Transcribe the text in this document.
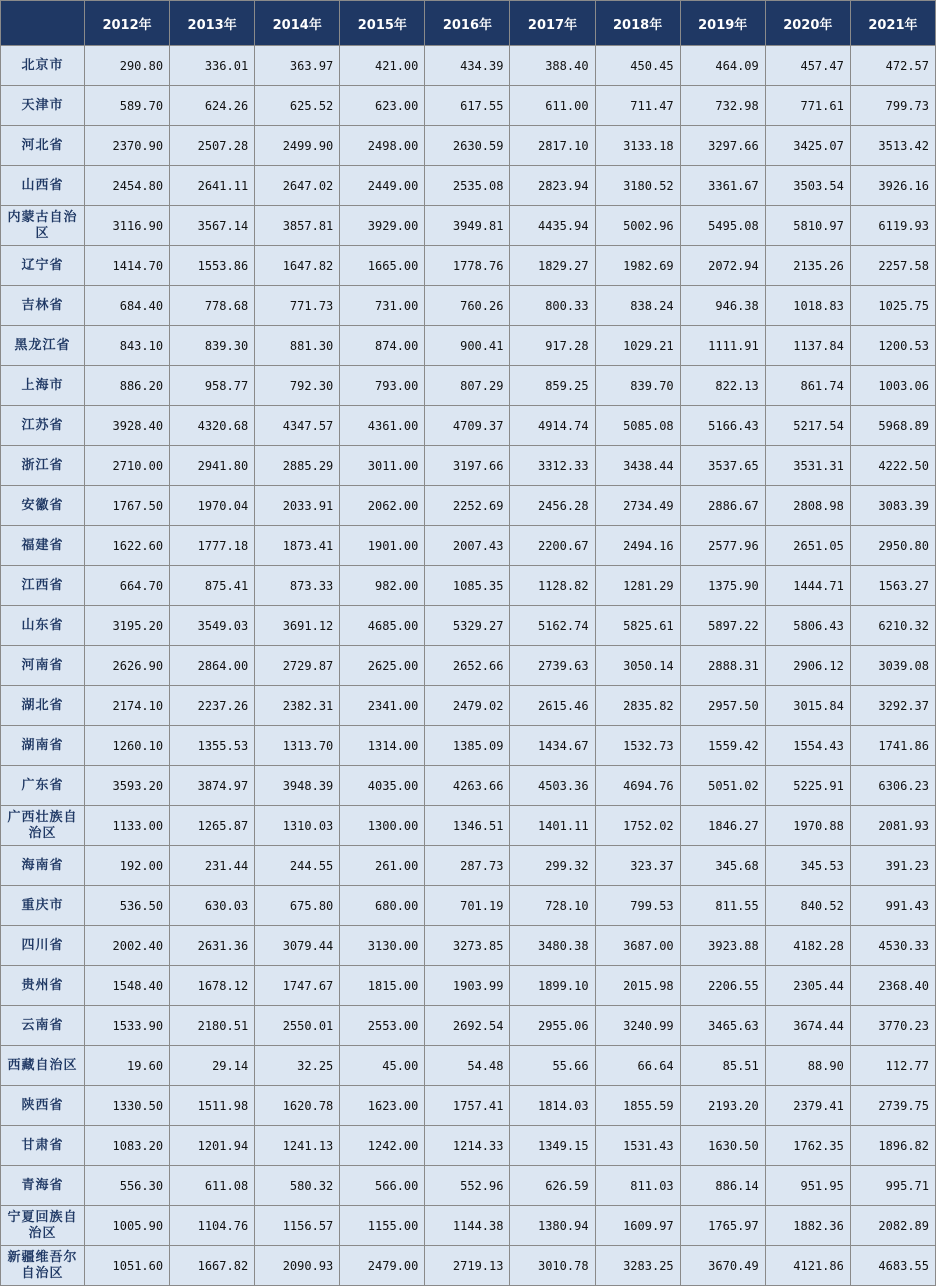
	2012年	2013年	2014年	2015年	2016年	2017年	2018年	2019年	2020年	2021年
北京市	290.80	336.01	363.97	421.00	434.39	388.40	450.45	464.09	457.47	472.57
天津市	589.70	624.26	625.52	623.00	617.55	611.00	711.47	732.98	771.61	799.73
河北省	2370.90	2507.28	2499.90	2498.00	2630.59	2817.10	3133.18	3297.66	3425.07	3513.42
山西省	2454.80	2641.11	2647.02	2449.00	2535.08	2823.94	3180.52	3361.67	3503.54	3926.16
内蒙古自治区	3116.90	3567.14	3857.81	3929.00	3949.81	4435.94	5002.96	5495.08	5810.97	6119.93
辽宁省	1414.70	1553.86	1647.82	1665.00	1778.76	1829.27	1982.69	2072.94	2135.26	2257.58
吉林省	684.40	778.68	771.73	731.00	760.26	800.33	838.24	946.38	1018.83	1025.75
黑龙江省	843.10	839.30	881.30	874.00	900.41	917.28	1029.21	1111.91	1137.84	1200.53
上海市	886.20	958.77	792.30	793.00	807.29	859.25	839.70	822.13	861.74	1003.06
江苏省	3928.40	4320.68	4347.57	4361.00	4709.37	4914.74	5085.08	5166.43	5217.54	5968.89
浙江省	2710.00	2941.80	2885.29	3011.00	3197.66	3312.33	3438.44	3537.65	3531.31	4222.50
安徽省	1767.50	1970.04	2033.91	2062.00	2252.69	2456.28	2734.49	2886.67	2808.98	3083.39
福建省	1622.60	1777.18	1873.41	1901.00	2007.43	2200.67	2494.16	2577.96	2651.05	2950.80
江西省	664.70	875.41	873.33	982.00	1085.35	1128.82	1281.29	1375.90	1444.71	1563.27
山东省	3195.20	3549.03	3691.12	4685.00	5329.27	5162.74	5825.61	5897.22	5806.43	6210.32
河南省	2626.90	2864.00	2729.87	2625.00	2652.66	2739.63	3050.14	2888.31	2906.12	3039.08
湖北省	2174.10	2237.26	2382.31	2341.00	2479.02	2615.46	2835.82	2957.50	3015.84	3292.37
湖南省	1260.10	1355.53	1313.70	1314.00	1385.09	1434.67	1532.73	1559.42	1554.43	1741.86
广东省	3593.20	3874.97	3948.39	4035.00	4263.66	4503.36	4694.76	5051.02	5225.91	6306.23
广西壮族自治区	1133.00	1265.87	1310.03	1300.00	1346.51	1401.11	1752.02	1846.27	1970.88	2081.93
海南省	192.00	231.44	244.55	261.00	287.73	299.32	323.37	345.68	345.53	391.23
重庆市	536.50	630.03	675.80	680.00	701.19	728.10	799.53	811.55	840.52	991.43
四川省	2002.40	2631.36	3079.44	3130.00	3273.85	3480.38	3687.00	3923.88	4182.28	4530.33
贵州省	1548.40	1678.12	1747.67	1815.00	1903.99	1899.10	2015.98	2206.55	2305.44	2368.40
云南省	1533.90	2180.51	2550.01	2553.00	2692.54	2955.06	3240.99	3465.63	3674.44	3770.23
西藏自治区	19.60	29.14	32.25	45.00	54.48	55.66	66.64	85.51	88.90	112.77
陕西省	1330.50	1511.98	1620.78	1623.00	1757.41	1814.03	1855.59	2193.20	2379.41	2739.75
甘肃省	1083.20	1201.94	1241.13	1242.00	1214.33	1349.15	1531.43	1630.50	1762.35	1896.82
青海省	556.30	611.08	580.32	566.00	552.96	626.59	811.03	886.14	951.95	995.71
宁夏回族自治区	1005.90	1104.76	1156.57	1155.00	1144.38	1380.94	1609.97	1765.97	1882.36	2082.89
新疆维吾尔自治区	1051.60	1667.82	2090.93	2479.00	2719.13	3010.78	3283.25	3670.49	4121.86	4683.55
